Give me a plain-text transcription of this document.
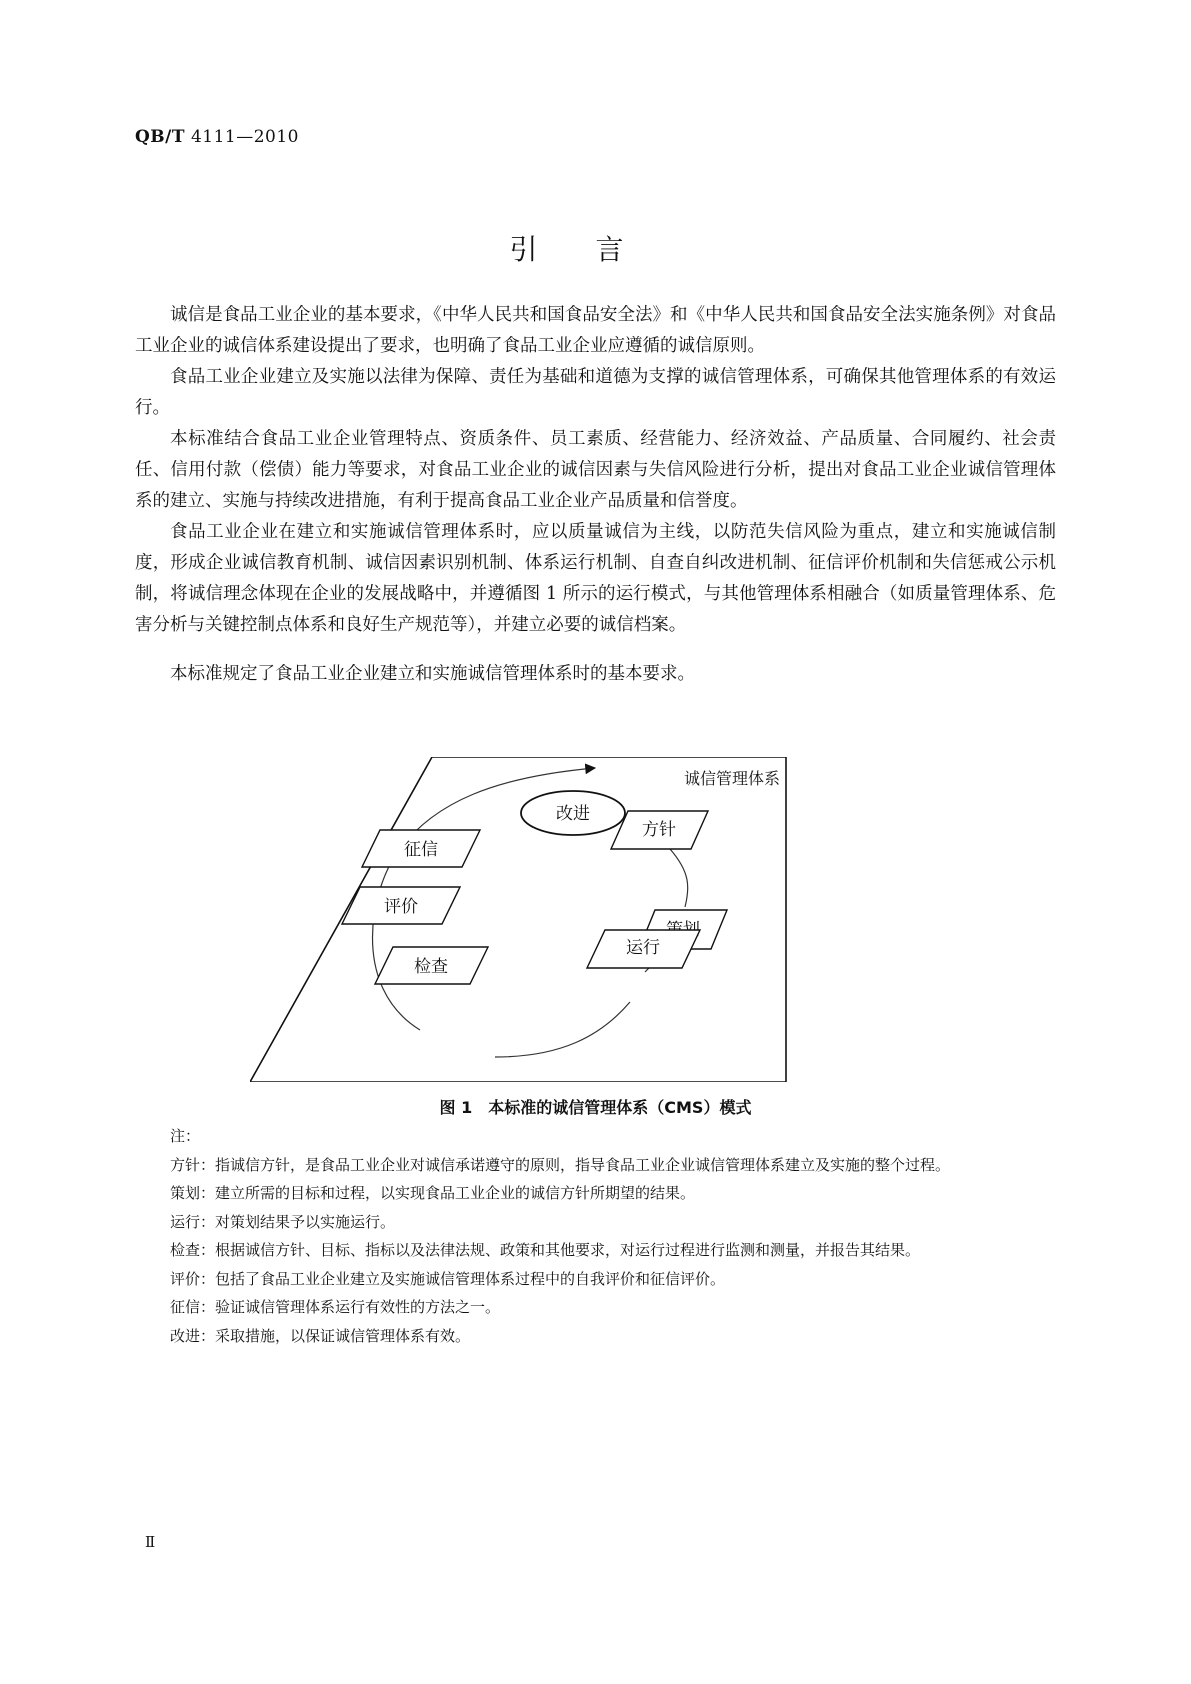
QB/T 4111—2010
引言
诚信是食品工业企业的基本要求，《中华人民共和国食品安全法》和《中华人民共和国食品安全法实施条例》对食品工业企业的诚信体系建设提出了要求，也明确了食品工业企业应遵循的诚信原则。
食品工业企业建立及实施以法律为保障、责任为基础和道德为支撑的诚信管理体系，可确保其他管理体系的有效运行。
本标准结合食品工业企业管理特点、资质条件、员工素质、经营能力、经济效益、产品质量、合同履约、社会责任、信用付款（偿债）能力等要求，对食品工业企业的诚信因素与失信风险进行分析，提出对食品工业企业诚信管理体系的建立、实施与持续改进措施，有利于提高食品工业企业产品质量和信誉度。
食品工业企业在建立和实施诚信管理体系时，应以质量诚信为主线，以防范失信风险为重点，建立和实施诚信制度，形成企业诚信教育机制、诚信因素识别机制、体系运行机制、自查自纠改进机制、征信评价机制和失信惩戒公示机制，将诚信理念体现在企业的发展战略中，并遵循图 1 所示的运行模式，与其他管理体系相融合（如质量管理体系、危害分析与关键控制点体系和良好生产规范等），并建立必要的诚信档案。
本标准规定了食品工业企业建立和实施诚信管理体系时的基本要求。
诚信管理体系
改进
方针
征信
评价
运行
检查
图 1　本标准的诚信管理体系（CMS）模式
注：
方针：指诚信方针，是食品工业企业对诚信承诺遵守的原则，指导食品工业企业诚信管理体系建立及实施的整个过程。
策划：建立所需的目标和过程，以实现食品工业企业的诚信方针所期望的结果。
运行：对策划结果予以实施运行。
检查：根据诚信方针、目标、指标以及法律法规、政策和其他要求，对运行过程进行监测和测量，并报告其结果。
评价：包括了食品工业企业建立及实施诚信管理体系过程中的自我评价和征信评价。
征信：验证诚信管理体系运行有效性的方法之一。
改进：采取措施，以保证诚信管理体系有效。
Ⅱ
